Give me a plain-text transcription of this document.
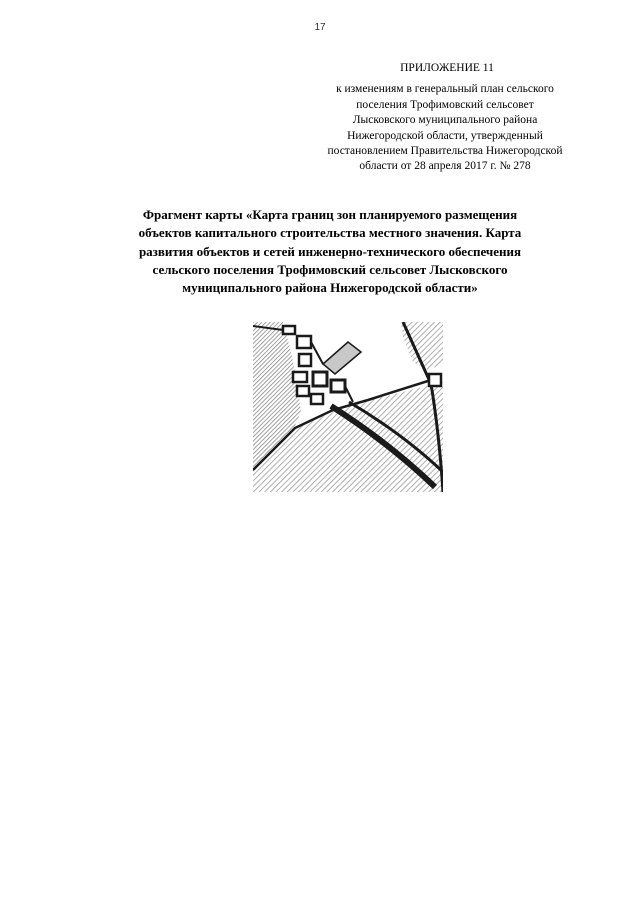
17
ПРИЛОЖЕНИЕ 11
к изменениям в генеральный план сельского
поселения Трофимовский сельсовет
Лысковского муниципального района
Нижегородской области, утвержденный
постановлением Правительства Нижегородской
области от 28 апреля 2017 г. № 278
Фрагмент карты «Карта границ зон планируемого размещения
объектов капитального строительства местного значения. Карта
развития объектов и сетей инженерно-технического обеспечения
сельского поселения Трофимовский сельсовет Лысковского
муниципального района Нижегородской области»
